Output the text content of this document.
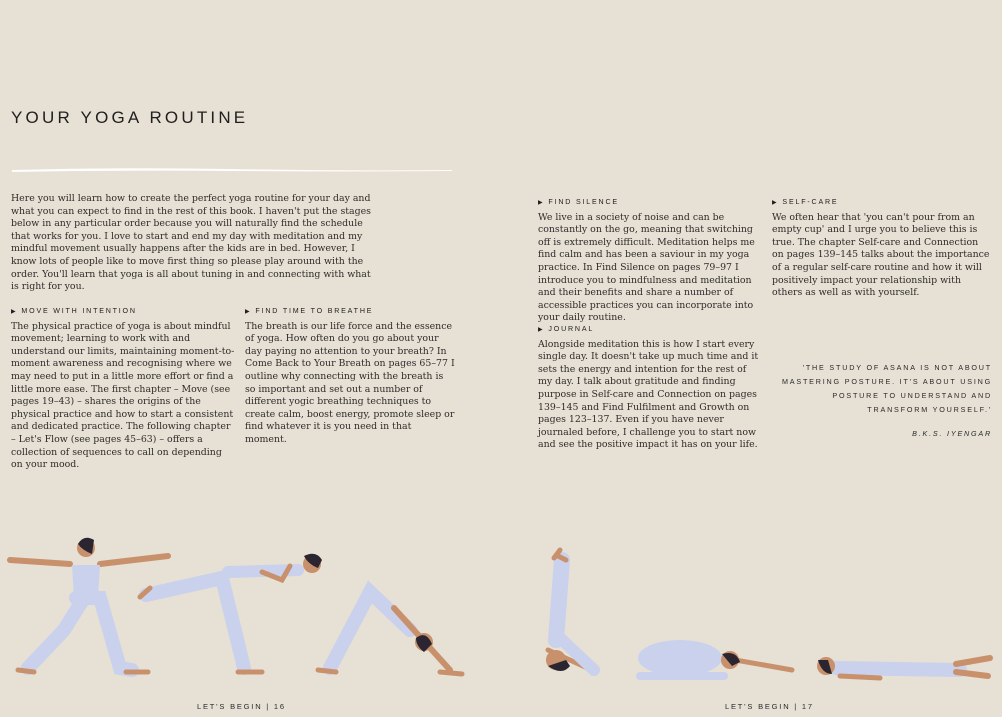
YOUR YOGA ROUTINE
Here you will learn how to create the perfect yoga routine for your day and what you can expect to find in the rest of this book. I haven't put the stages below in any particular order because you will naturally find the schedule that works for you. I love to start and end my day with meditation and my mindful movement usually happens after the kids are in bed. However, I know lots of people like to move first thing so please play around with the order. You'll learn that yoga is all about tuning in and connecting with what is right for you.
▶ MOVE WITH INTENTION
The physical practice of yoga is about mindful movement; learning to work with and understand our limits, maintaining moment-to-moment awareness and recognising where we may need to put in a little more effort or find a little more ease. The first chapter – Move (see pages 19–43) – shares the origins of the physical practice and how to start a consistent and dedicated practice. The following chapter – Let's Flow (see pages 45–63) – offers a collection of sequences to call on depending on your mood.
▶ FIND TIME TO BREATHE
The breath is our life force and the essence of yoga. How often do you go about your day paying no attention to your breath? In Come Back to Your Breath on pages 65–77 I outline why connecting with the breath is so important and set out a number of different yogic breathing techniques to create calm, boost energy, promote sleep or find whatever it is you need in that moment.
▶ FIND SILENCE
We live in a society of noise and can be constantly on the go, meaning that switching off is extremely difficult. Meditation helps me find calm and has been a saviour in my yoga practice. In Find Silence on pages 79–97 I introduce you to mindfulness and meditation and their benefits and share a number of accessible practices you can incorporate into your daily routine.
▶ JOURNAL
Alongside meditation this is how I start every single day. It doesn't take up much time and it sets the energy and intention for the rest of my day. I talk about gratitude and finding purpose in Self-care and Connection on pages 139–145 and Find Fulfilment and Growth on pages 123–137. Even if you have never journaled before, I challenge you to start now and see the positive impact it has on your life.
▶ SELF-CARE
We often hear that 'you can't pour from an empty cup' and I urge you to believe this is true. The chapter Self-care and Connection on pages 139–145 talks about the importance of a regular self-care routine and how it will positively impact your relationship with others as well as with yourself.
'THE STUDY OF ASANA IS NOT ABOUT MASTERING POSTURE. IT'S ABOUT USING POSTURE TO UNDERSTAND AND TRANSFORM YOURSELF.'
B.K.S. IYENGAR
LET'S BEGIN | 16	LET'S BEGIN | 17
